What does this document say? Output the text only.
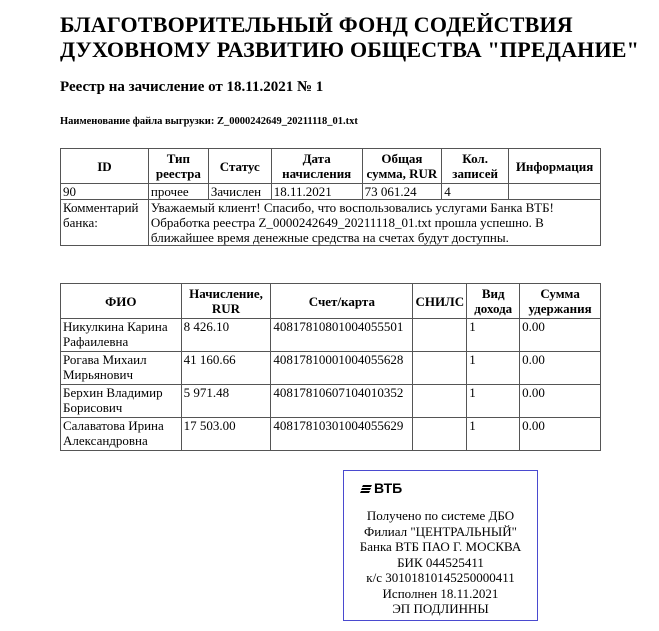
БЛАГОТВОРИТЕЛЬНЫЙ ФОНД СОДЕЙСТВИЯ
ДУХОВНОМУ РАЗВИТИЮ ОБЩЕСТВА "ПРЕДАНИЕ"
Реестр на зачисление от 18.11.2021 № 1
Наименование файла выгрузки: Z_0000242649_20211118_01.txt
ID	Тип реестра	Статус	Дата начисления	Общая сумма, RUR	Кол. записей	Информация
90	прочее	Зачислен	18.11.2021	73 061.24	4	
Комментарий банка:	Уважаемый клиент! Спасибо, что воспользовались услугами Банка ВТБ! Обработка реестра Z_0000242649_20211118_01.txt прошла успешно. В ближайшее время денежные средства на счетах будут доступны.					
ФИО	Начисление, RUR	Счет/карта	СНИЛС	Вид дохода	Сумма удержания
Никулкина Карина Рафаилевна	8 426.10	40817810801004055501		1	0.00
Рогава Михаил Мирьянович	41 160.66	40817810001004055628		1	0.00
Берхин Владимир Борисович	5 971.48	40817810607104010352		1	0.00
Салаватова Ирина Александровна	17 503.00	40817810301004055629		1	0.00
ВТБ
Получено по системе ДБО
Филиал "ЦЕНТРАЛЬНЫЙ"
Банка ВТБ ПАО Г. МОСКВА
БИК 044525411
к/с 30101810145250000411
Исполнен 18.11.2021
ЭП ПОДЛИННЫ
